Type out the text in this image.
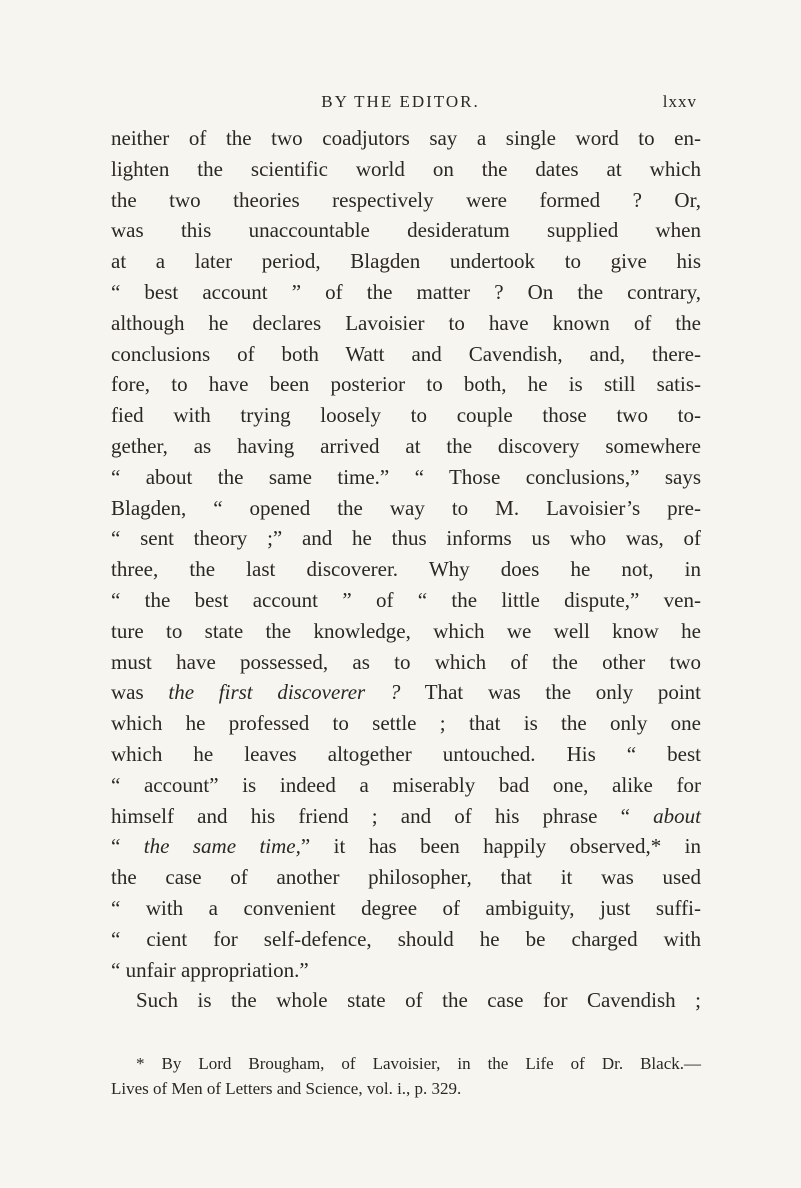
BY THE EDITOR.	lxxv
neither of the two coadjutors say a single word to en-
lighten the scientific world on the dates at which
the two theories respectively were formed ? Or,
was this unaccountable desideratum supplied when
at a later period, Blagden undertook to give his
“ best account ” of the matter ? On the contrary,
although he declares Lavoisier to have known of the
conclusions of both Watt and Cavendish, and, there-
fore, to have been posterior to both, he is still satis-
fied with trying loosely to couple those two to-
gether, as having arrived at the discovery somewhere
“ about the same time.” “ Those conclusions,” says
Blagden, “ opened the way to M. Lavoisier’s pre-
“ sent theory ;” and he thus informs us who was, of
three, the last discoverer. Why does he not, in
“ the best account ” of “ the little dispute,” ven-
ture to state the knowledge, which we well know he
must have possessed, as to which of the other two
was the first discoverer ? That was the only point
which he professed to settle ; that is the only one
which he leaves altogether untouched. His “ best
“ account” is indeed a miserably bad one, alike for
himself and his friend ; and of his phrase “ about
“ the same time,” it has been happily observed,* in
the case of another philosopher, that it was used
“ with a convenient degree of ambiguity, just suffi-
“ cient for self-defence, should he be charged with
“ unfair appropriation.”
Such is the whole state of the case for Cavendish ;
* By Lord Brougham, of Lavoisier, in the Life of Dr. Black.—
Lives of Men of Letters and Science, vol. i., p. 329.
